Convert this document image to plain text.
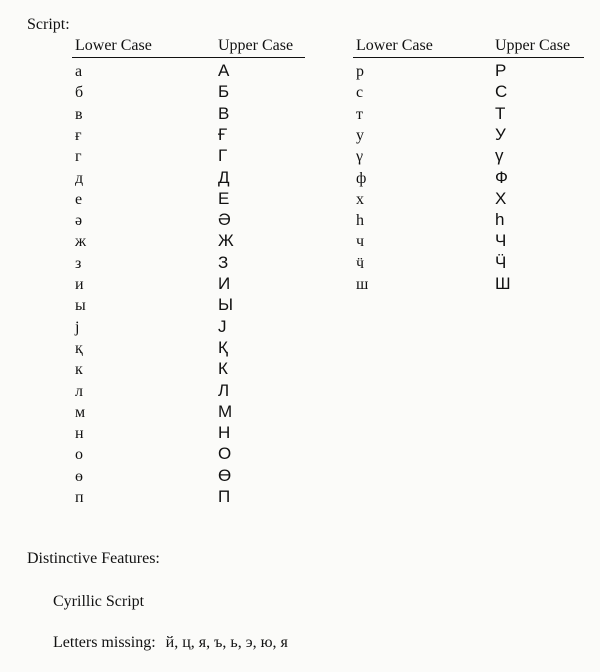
Script:
Lower Case	Upper Case
а
б
в
ғ
г
д
е
ә
ж
з
и
ы
j
қ
к
л
м
н
о
ө
п
А
Б
В
Ғ
Г
Д
Е
Ә
Ж
З
И
Ы
J
Қ
К
Л
М
Н
О
Ө
П
Lower Case	Upper Case
р
с
т
у
γ
ф
х
h
ч
ӵ
ш
Р
С
Т
У
γ
Ф
Х
h
Ч
Ӵ
Ш
Distinctive Features:
Cyrillic Script
Letters missing: й, ц, я, ъ, ь, э, ю, я
